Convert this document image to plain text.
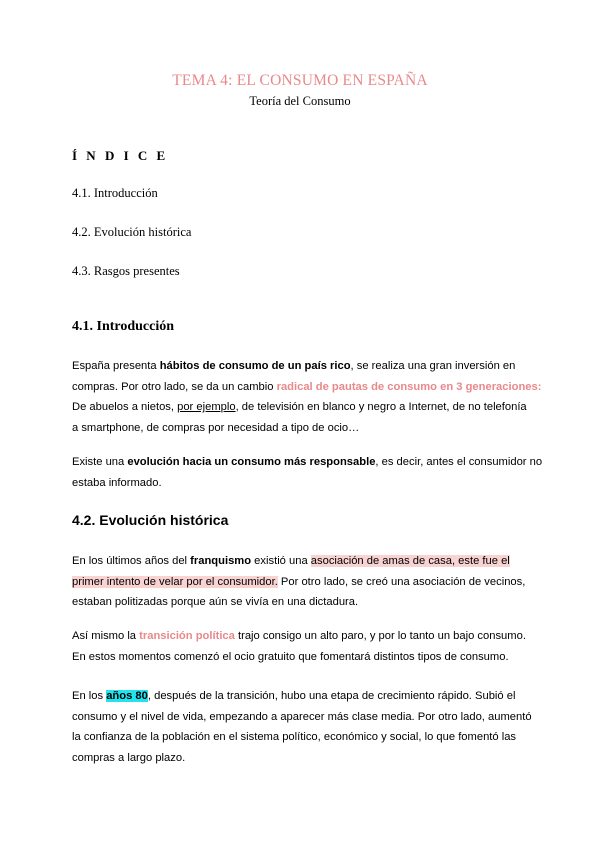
TEMA 4: EL CONSUMO EN ESPAÑA
Teoría del Consumo
Í N D I C E
4.1. Introducción
4.2. Evolución histórica
4.3. Rasgos presentes
4.1. Introducción
España presenta hábitos de consumo de un país rico, se realiza una gran inversión en
compras. Por otro lado, se da un cambio radical de pautas de consumo en 3 generaciones:
De abuelos a nietos, por ejemplo, de televisión en blanco y negro a Internet, de no telefonía
a smartphone, de compras por necesidad a tipo de ocio…
Existe una evolución hacia un consumo más responsable, es decir, antes el consumidor no
estaba informado.
4.2. Evolución histórica
En los últimos años del franquismo existió una asociación de amas de casa, este fue el
primer intento de velar por el consumidor. Por otro lado, se creó una asociación de vecinos,
estaban politizadas porque aún se vivía en una dictadura.
Así mismo la transición política trajo consigo un alto paro, y por lo tanto un bajo consumo.
En estos momentos comenzó el ocio gratuito que fomentará distintos tipos de consumo.
En los años 80, después de la transición, hubo una etapa de crecimiento rápido. Subió el
consumo y el nivel de vida, empezando a aparecer más clase media. Por otro lado, aumentó
la confianza de la población en el sistema político, económico y social, lo que fomentó las
compras a largo plazo.
